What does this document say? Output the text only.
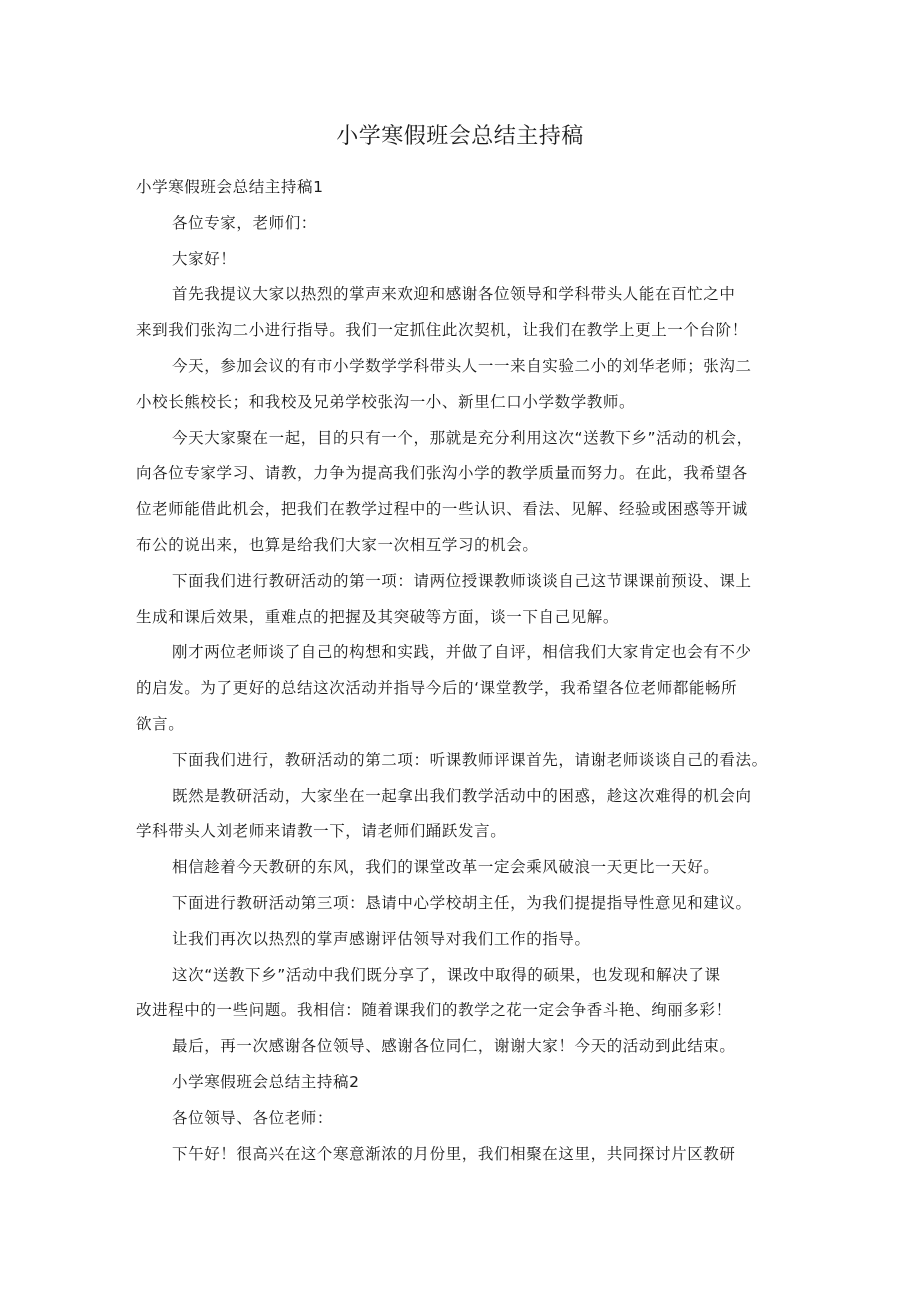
小学寒假班会总结主持稿
小学寒假班会总结主持稿1
各位专家，老师们：
大家好！
首先我提议大家以热烈的掌声来欢迎和感谢各位领导和学科带头人能在百忙之中
来到我们张沟二小进行指导。我们一定抓住此次契机，让我们在教学上更上一个台阶！
今天，参加会议的有市小学数学学科带头人一一来自实验二小的刘华老师；张沟二
小校长熊校长；和我校及兄弟学校张沟一小、新里仁口小学数学教师。
今天大家聚在一起，目的只有一个，那就是充分利用这次“送教下乡”活动的机会，
向各位专家学习、请教，力争为提高我们张沟小学的教学质量而努力。在此，我希望各
位老师能借此机会，把我们在教学过程中的一些认识、看法、见解、经验或困惑等开诚
布公的说出来，也算是给我们大家一次相互学习的机会。
下面我们进行教研活动的第一项：请两位授课教师谈谈自己这节课课前预设、课上
生成和课后效果，重难点的把握及其突破等方面，谈一下自己见解。
刚才两位老师谈了自己的构想和实践，并做了自评，相信我们大家肯定也会有不少
的启发。为了更好的总结这次活动并指导今后的‘课堂教学，我希望各位老师都能畅所
欲言。
下面我们进行，教研活动的第二项：听课教师评课首先，请谢老师谈谈自己的看法。
既然是教研活动，大家坐在一起拿出我们教学活动中的困惑，趁这次难得的机会向
学科带头人刘老师来请教一下，请老师们踊跃发言。
相信趁着今天教研的东风，我们的课堂改革一定会乘风破浪一天更比一天好。
下面进行教研活动第三项：恳请中心学校胡主任，为我们提提指导性意见和建议。
让我们再次以热烈的掌声感谢评估领导对我们工作的指导。
这次“送教下乡”活动中我们既分享了，课改中取得的硕果，也发现和解决了课
改进程中的一些问题。我相信：随着课我们的教学之花一定会争香斗艳、绚丽多彩！
最后，再一次感谢各位领导、感谢各位同仁，谢谢大家！今天的活动到此结束。
小学寒假班会总结主持稿2
各位领导、各位老师：
下午好！很高兴在这个寒意渐浓的月份里，我们相聚在这里，共同探讨片区教研
